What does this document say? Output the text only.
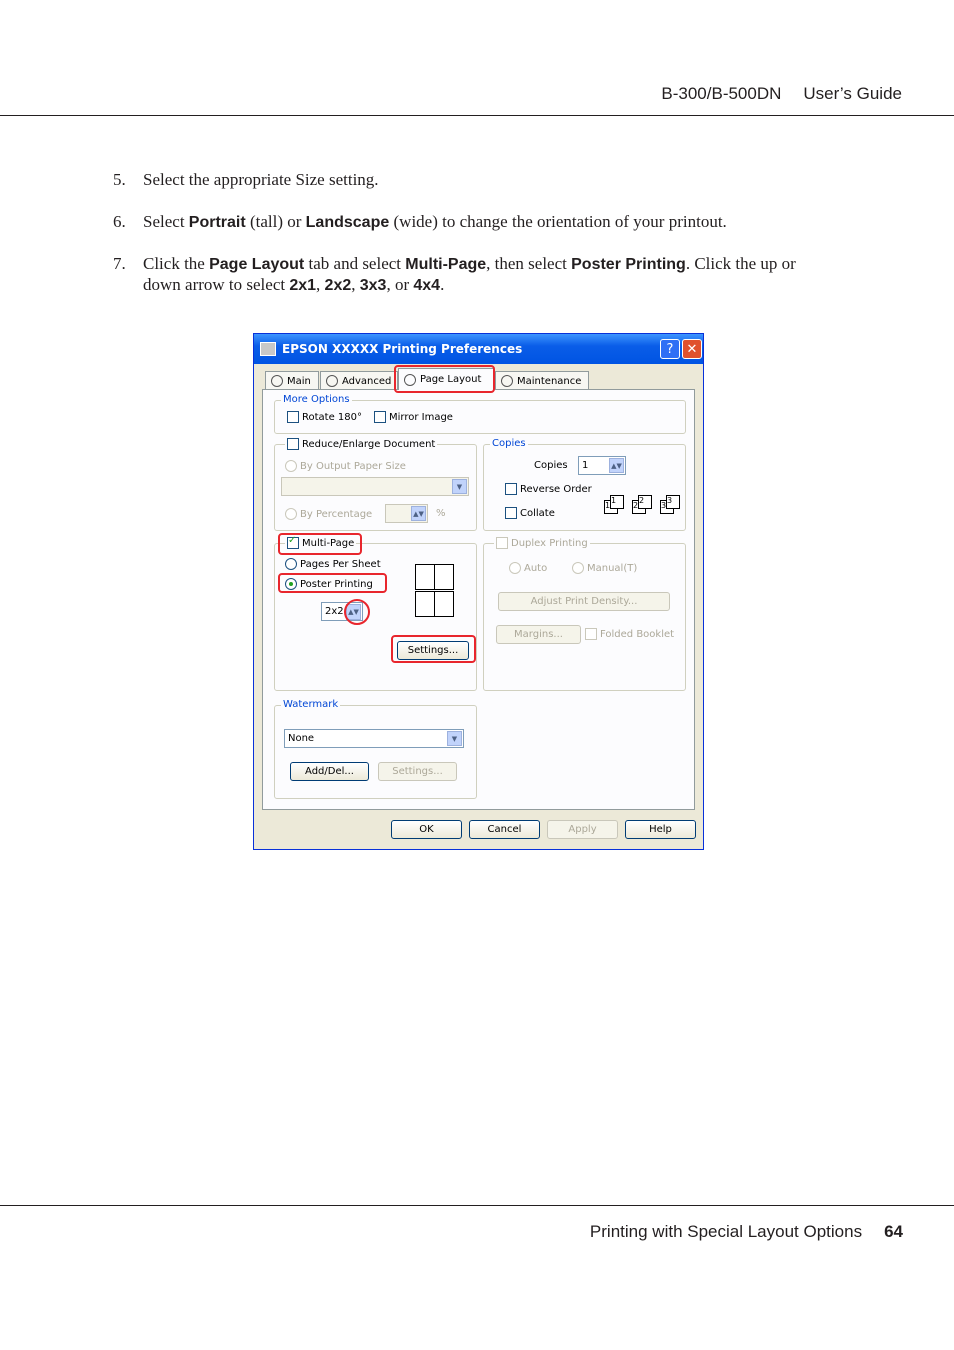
B-300/B-500DN User’s Guide
5. Select the appropriate Size setting.
6. Select Portrait (tall) or Landscape (wide) to change the orientation of your printout.
7. Click the Page Layout tab and select Multi-Page, then select Poster Printing. Click the up or
down arrow to select 2x1, 2x2, 3x3, or 4x4.
EPSON XXXXX Printing Preferences	?	✕
Main	Advanced	Page Layout	Maintenance
More Options
Rotate 180°	Mirror Image
Reduce/Enlarge Document
By Output Paper Size
▼
By Percentage	▲▼ %
Copies
Copies 1	▲▼
Reverse Order
Collate
1
1
2
2
3
3
✓
Multi-Page
Pages Per Sheet
Poster Printing
2x2 ▲▼
Settings...
Duplex Printing
Auto	Manual(T)
Adjust Print Density...
Margins...	Folded Booklet
Watermark
None	▼
Add/Del...	Settings...
OK	Cancel	Apply	Help
Printing with Special Layout Options 64
